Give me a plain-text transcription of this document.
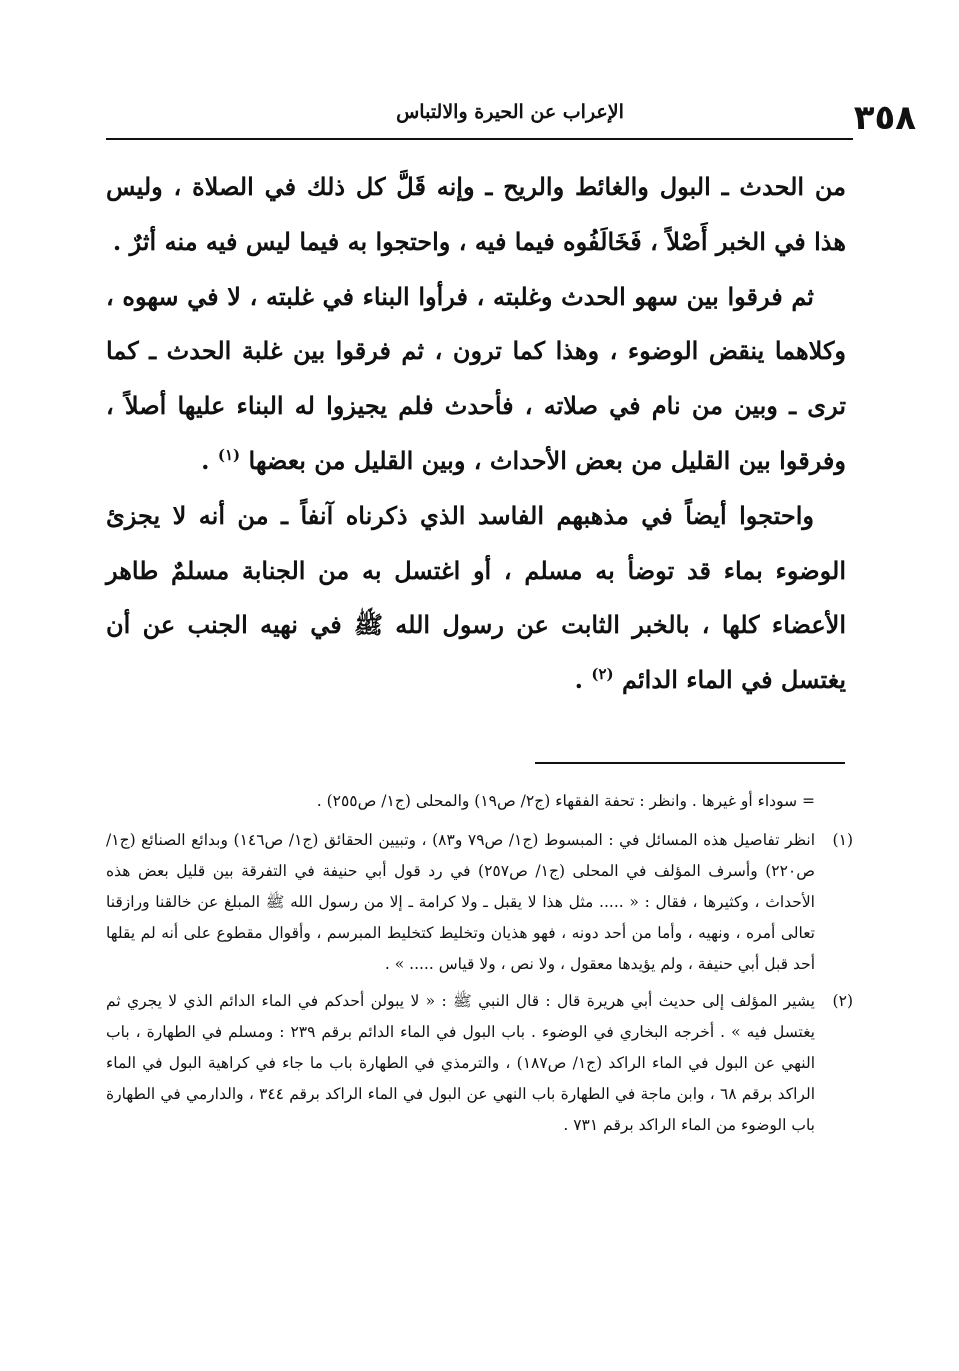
٣٥٨
الإعراب عن الحيرة والالتباس

من الحدث ـ البول والغائط والريح ـ وإنه قَلَّ كل ذلك في الصلاة ، وليس هذا في الخبر أَصْلاً ، فَخَالَفُوه فيما فيه ، واحتجوا به فيما ليس فيه منه أثرٌ .

ثم فرقوا بين سهو الحدث وغلبته ، فرأوا البناء في غلبته ، لا في سهوه ، وكلاهما ينقض الوضوء ، وهذا كما ترون ، ثم فرقوا بين غلبة الحدث ـ كما ترى ـ وبين من نام في صلاته ، فأحدث فلم يجيزوا له البناء عليها أصلاً ، وفرقوا بين القليل من بعض الأحداث ، وبين القليل من بعضها $^{(١)}$ .

واحتجوا أيضاً في مذهبهم الفاسد الذي ذكرناه آنفاً ـ من أنه لا يجزئ الوضوء بماء قد توضأ به مسلم ، أو اغتسل به من الجنابة مسلمٌ طاهر الأعضاء كلها ، بالخبر الثابت عن رسول الله ﷺ في نهيه الجنب عن أن يغتسل في الماء الدائم $^{(٢)}$ .

= سوداء أو غيرها . وانظر : تحفة الفقهاء (ج٢/ ص١٩) والمحلى (ج١/ ص٢٥٥) .

(١)

انظر تفاصيل هذه المسائل في : المبسوط (ج١/ ص٧٩ و٨٣) ، وتبيين الحقائق (ج١/ ص١٤٦) وبدائع الصنائع (ج١/ ص٢٢٠) وأسرف المؤلف في المحلى (ج١/ ص٢٥٧) في رد قول أبي حنيفة في التفرقة بين قليل بعض هذه الأحداث ، وكثيرها ، فقال : « ..... مثل هذا لا يقبل ـ ولا كرامة ـ إلا من رسول الله ﷺ المبلغ عن خالقنا ورازقنا تعالى أمره ، ونهيه ، وأما من أحد دونه ، فهو هذيان وتخليط كتخليط المبرسم ، وأقوال مقطوع على أنه لم يقلها أحد قبل أبي حنيفة ، ولم يؤيدها معقول ، ولا نص ، ولا قياس ..... » .

(٢)

يشير المؤلف إلى حديث أبي هريرة قال : قال النبي ﷺ : « لا يبولن أحدكم في الماء الدائم الذي لا يجري ثم يغتسل فيه » . أخرجه البخاري في الوضوء . باب البول في الماء الدائم برقم ٢٣٩ : ومسلم في الطهارة ، باب النهي عن البول في الماء الراكد (ج١/ ص١٨٧) ، والترمذي في الطهارة باب ما جاء في كراهية البول في الماء الراكد برقم ٦٨ ، وابن ماجة في الطهارة باب النهي عن البول في الماء الراكد برقم ٣٤٤ ، والدارمي في الطهارة باب الوضوء من الماء الراكد برقم ٧٣١ .
